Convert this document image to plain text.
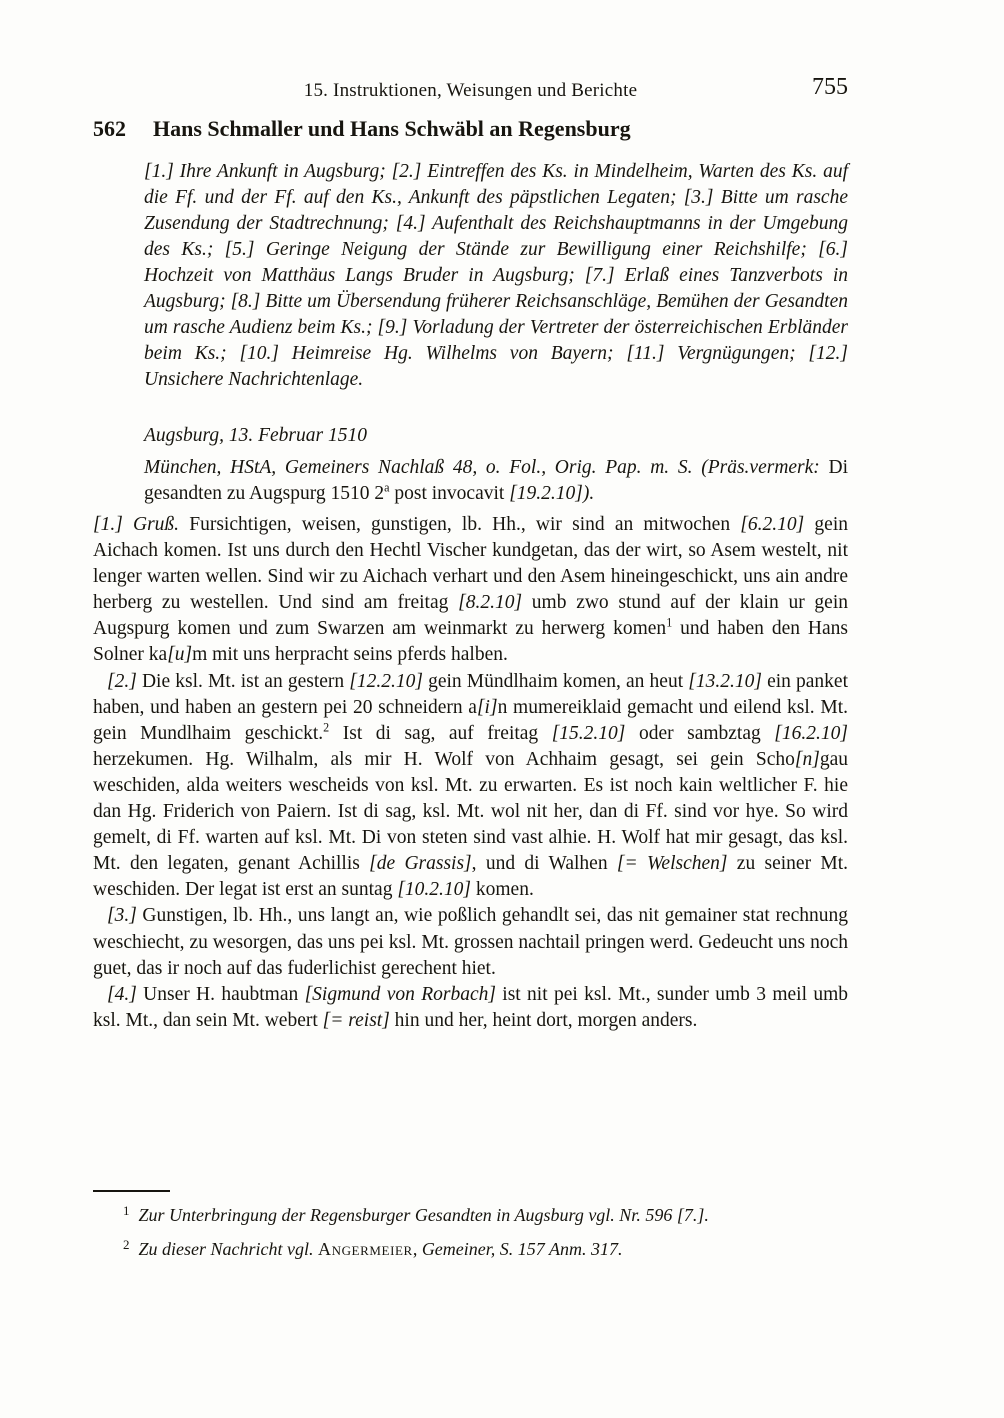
15. Instruktionen, Weisungen und Berichte	755
562	Hans Schmaller und Hans Schwäbl an Regensburg
[1.] Ihre Ankunft in Augsburg; [2.] Eintreffen des Ks. in Mindelheim, Warten des Ks. auf die Ff. und der Ff. auf den Ks., Ankunft des päpstlichen Legaten; [3.] Bitte um rasche Zusendung der Stadtrechnung; [4.] Aufenthalt des Reichshauptmanns in der Umgebung des Ks.; [5.] Geringe Neigung der Stände zur Bewilligung einer Reichshilfe; [6.] Hochzeit von Matthäus Langs Bruder in Augsburg; [7.] Erlaß eines Tanzverbots in Augsburg; [8.] Bitte um Übersendung früherer Reichsanschläge, Bemühen der Gesandten um rasche Audienz beim Ks.; [9.] Vorladung der Vertreter der österreichischen Erbländer beim Ks.; [10.] Heimreise Hg. Wilhelms von Bayern; [11.] Vergnügungen; [12.] Unsichere Nachrichtenlage.
Augsburg, 13. Februar 1510
München, HStA, Gemeiners Nachlaß 48, o. Fol., Orig. Pap. m. S. (Präs.vermerk: Di gesandten zu Augspurg 1510 2$^a$ post invocavit [19.2.10]).

[1.] Gruß. Fursichtigen, weisen, gunstigen, lb. Hh., wir sind an mitwochen [6.2.10] gein Aichach komen. Ist uns durch den Hechtl Vischer kundgetan, das der wirt, so Asem westelt, nit lenger warten wellen. Sind wir zu Aichach verhart und den Asem hineingeschickt, uns ain andre herberg zu westellen. Und sind am freitag [8.2.10] umb zwo stund auf der klain ur gein Augspurg komen und zum Swarzen am weinmarkt zu herwerg komen$^1$ und haben den Hans Solner ka[u]m mit uns herpracht seins pferds halben.

[2.] Die ksl. Mt. ist an gestern [12.2.10] gein Mündlhaim komen, an heut [13.2.10] ein panket haben, und haben an gestern pei 20 schneidern a[i]n mumereiklaid gemacht und eilend ksl. Mt. gein Mundlhaim geschickt.$^2$ Ist di sag, auf freitag [15.2.10] oder sambztag [16.2.10] herzekumen. Hg. Wilhalm, als mir H. Wolf von Achhaim gesagt, sei gein Scho[n]gau weschiden, alda weiters wescheids von ksl. Mt. zu erwarten. Es ist noch kain weltlicher F. hie dan Hg. Friderich von Paiern. Ist di sag, ksl. Mt. wol nit her, dan di Ff. sind vor hye. So wird gemelt, di Ff. warten auf ksl. Mt. Di von steten sind vast alhie. H. Wolf hat mir gesagt, das ksl. Mt. den legaten, genant Achillis [de Grassis], und di Walhen [= Welschen] zu seiner Mt. weschiden. Der legat ist erst an suntag [10.2.10] komen.

[3.] Gunstigen, lb. Hh., uns langt an, wie poßlich gehandlt sei, das nit gemainer stat rechnung weschiecht, zu wesorgen, das uns pei ksl. Mt. grossen nachtail pringen werd. Gedeucht uns noch guet, das ir noch auf das fuderlichist gerechent hiet.

[4.] Unser H. haubtman [Sigmund von Rorbach] ist nit pei ksl. Mt., sunder umb 3 meil umb ksl. Mt., dan sein Mt. webert [= reist] hin und her, heint dort, morgen anders.

1 Zur Unterbringung der Regensburger Gesandten in Augsburg vgl. Nr. 596 [7.].
2 Zu dieser Nachricht vgl. Angermeier, Gemeiner, S. 157 Anm. 317.
